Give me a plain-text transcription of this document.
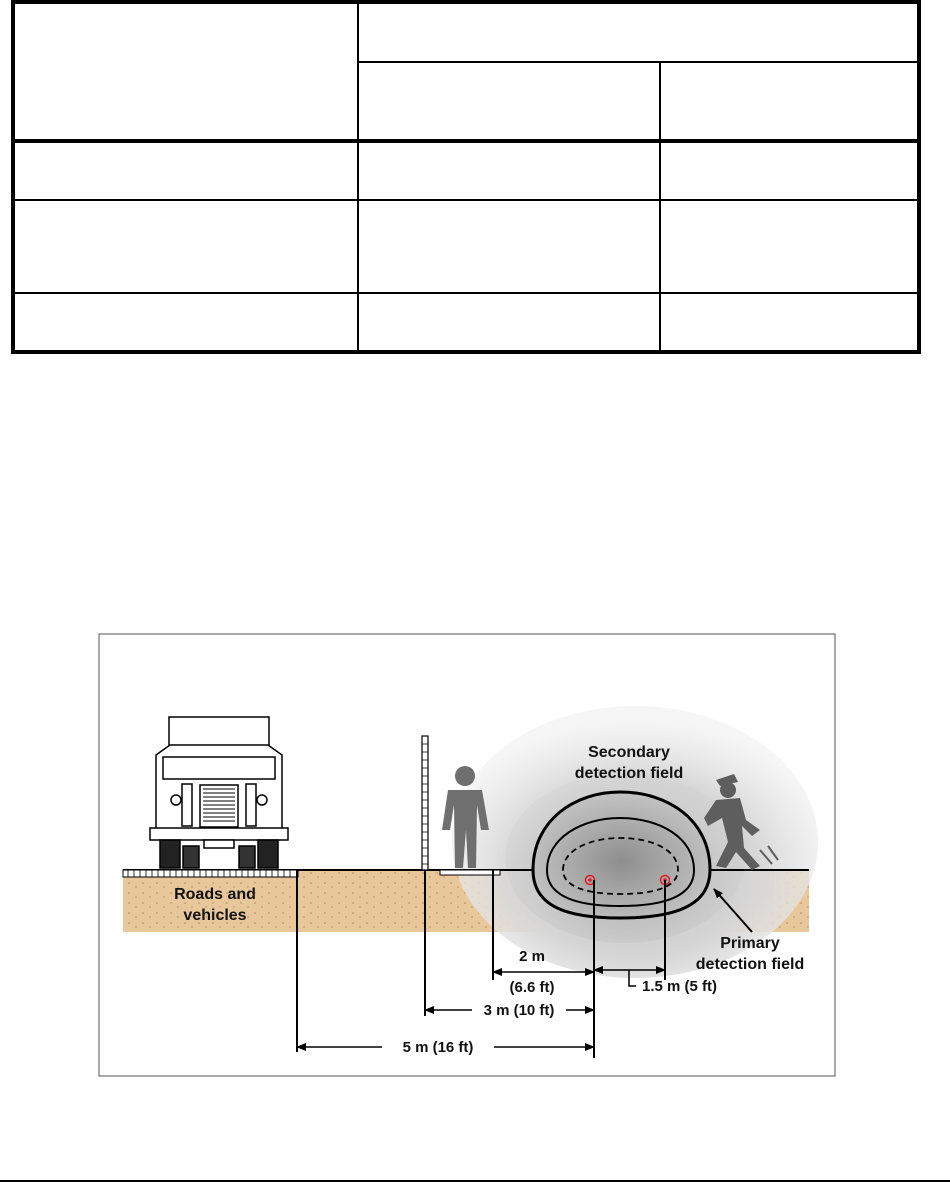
Roads and
vehicles
Secondary
detection field
Primary
detection field
2 m
(6.6 ft)
3 m (10 ft)
1.5 m (5 ft)
5 m (16 ft)
